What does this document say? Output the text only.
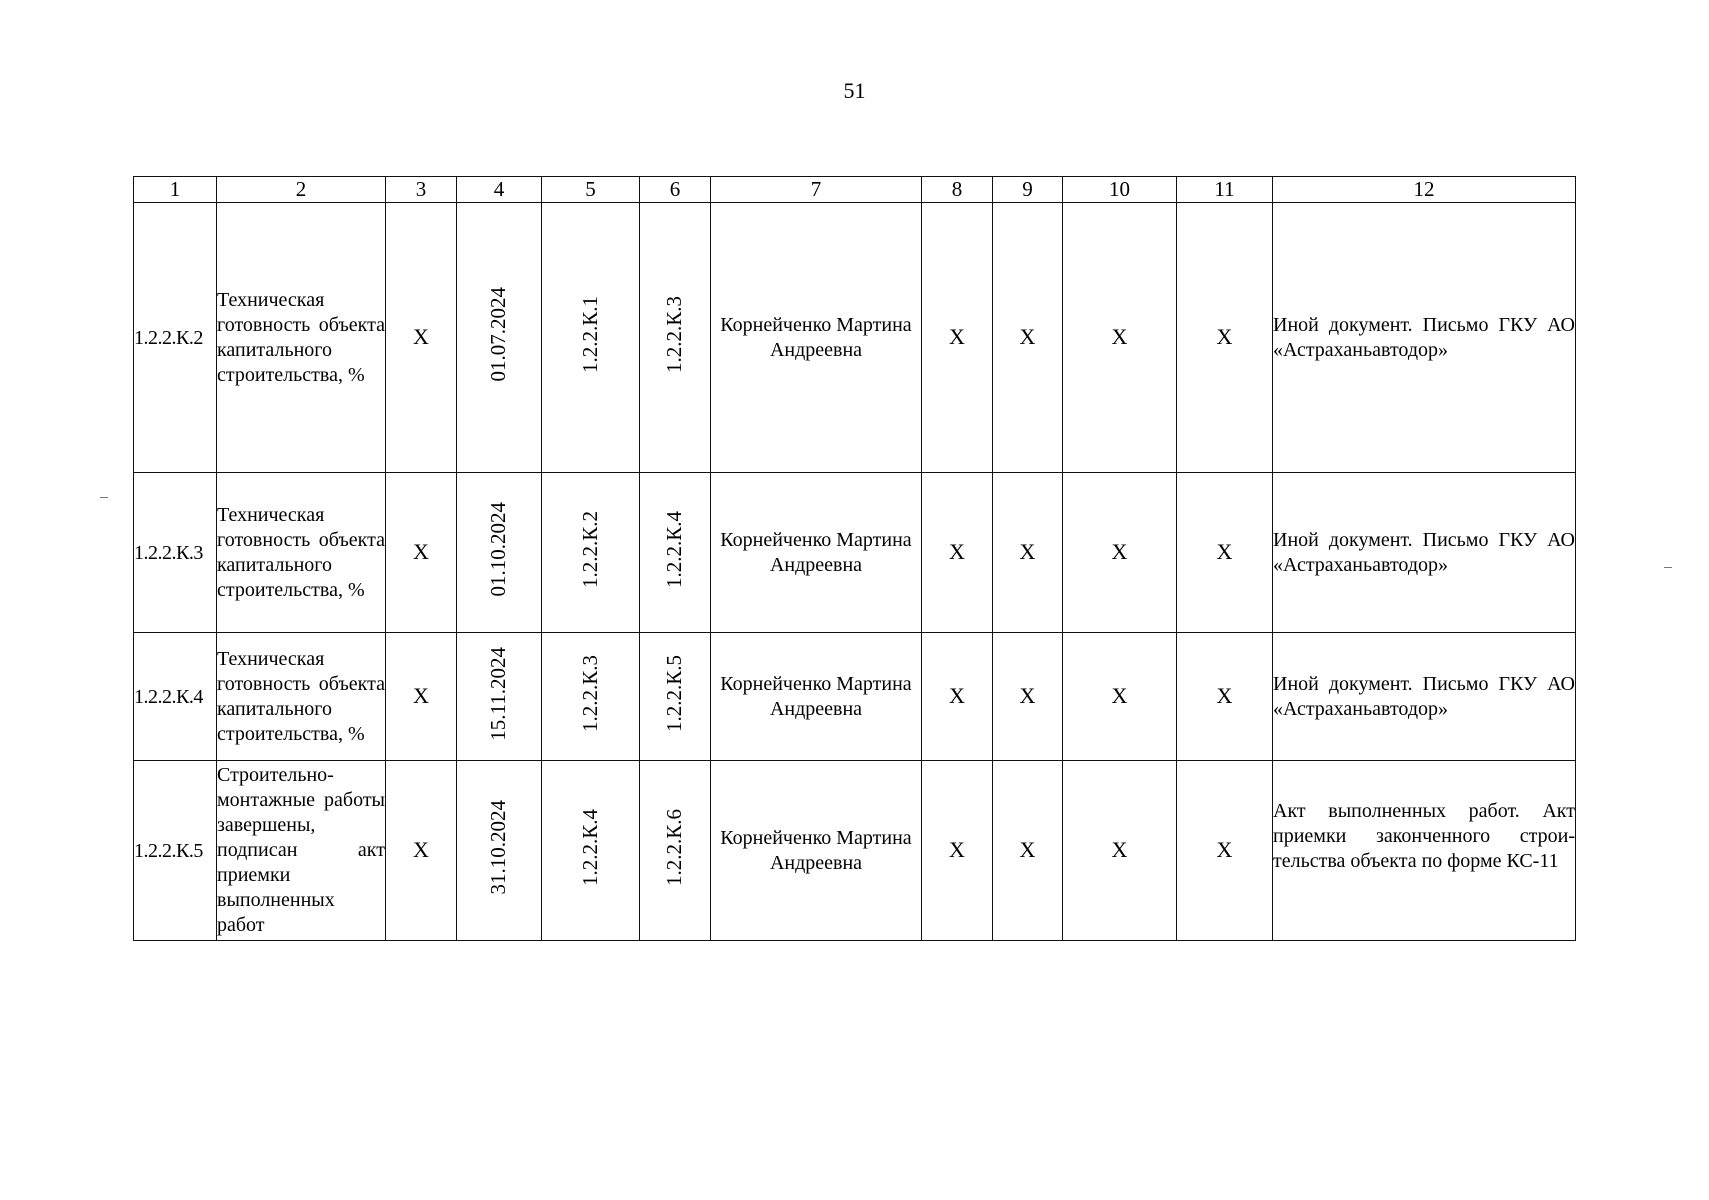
51
1	2	3	4	5	6	7	8	9	10	11	12
1.2.2.К.2	Техническая готовность объекта капитального строительства, %	X	01.07.2024	1.2.2.К.1	1.2.2.К.3	Корнейченко Мартина Андреевна	X	X	X	X	Иной документ. Письмо ГКУ АО «Астраханьавтодор»
1.2.2.К.3	Техническая готовность объекта капитального строительства, %	X	01.10.2024	1.2.2.К.2	1.2.2.К.4	Корнейченко Мартина Андреевна	X	X	X	X	Иной документ. Письмо ГКУ АО «Астраханьавтодор»
1.2.2.К.4	Техническая готовность объекта капитального строительства, %	X	15.11.2024	1.2.2.К.3	1.2.2.К.5	Корнейченко Мартина Андреевна	X	X	X	X	Иной документ. Письмо ГКУ АО «Астраханьавтодор»
1.2.2.К.5	Строительно-монтажные работы завершены, подписан акт приемки выполненных работ	X	31.10.2024	1.2.2.К.4	1.2.2.К.6	Корнейченко Мартина Андреевна	X	X	X	X	Акт выполненных работ. Акт приемки законченного строительства объекта по форме КС-11
